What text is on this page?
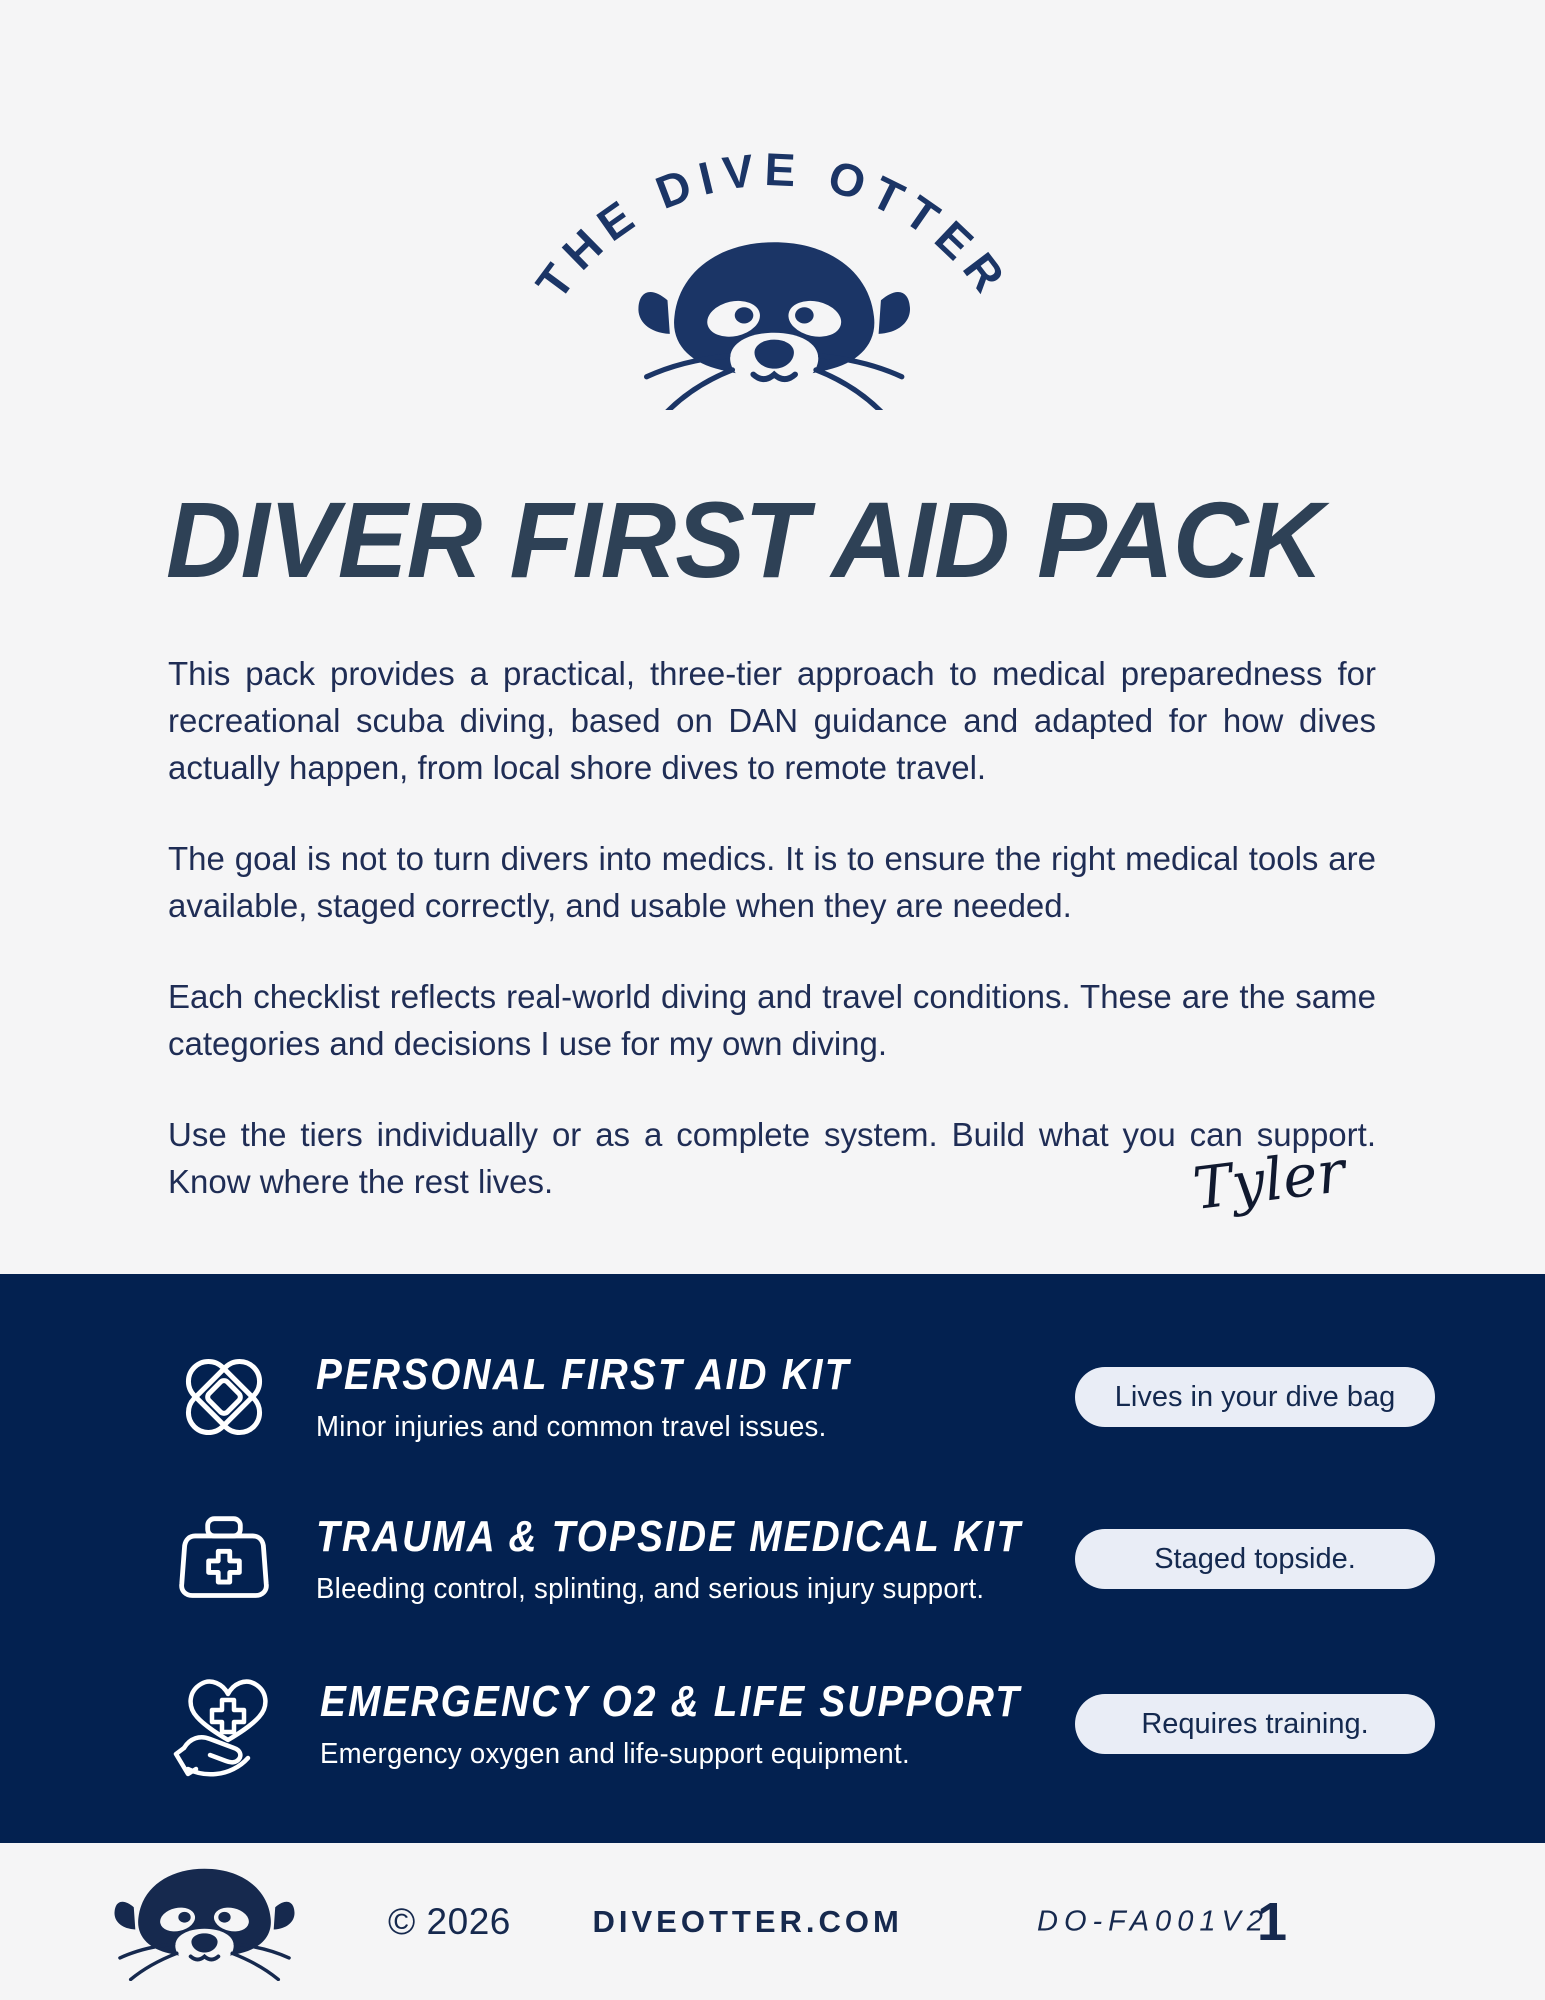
THE DIVE OTTER
DIVER FIRST AID PACK

This pack provides a practical, three-tier approach to medical preparedness for recreational scuba diving, based on DAN guidance and adapted for how dives actually happen, from local shore dives to remote travel.

The goal is not to turn divers into medics. It is to ensure the right medical tools are available, staged correctly, and usable when they are needed.

Each checklist reflects real-world diving and travel conditions. These are the same categories and decisions I use for my own diving.

Use the tiers individually or as a complete system. Build what you can support. Know where the rest lives.	Tyler
PERSONAL FIRST AID KIT
Minor injuries and common travel issues.
Lives in your dive bag
TRAUMA & TOPSIDE MEDICAL KIT
Bleeding control, splinting, and serious injury support.
Staged topside.
EMERGENCY O2 & LIFE SUPPORT
Emergency oxygen and life-support equipment.
Requires training.
© 2026	DIVEOTTER.COM	DO-FA001V2
1
